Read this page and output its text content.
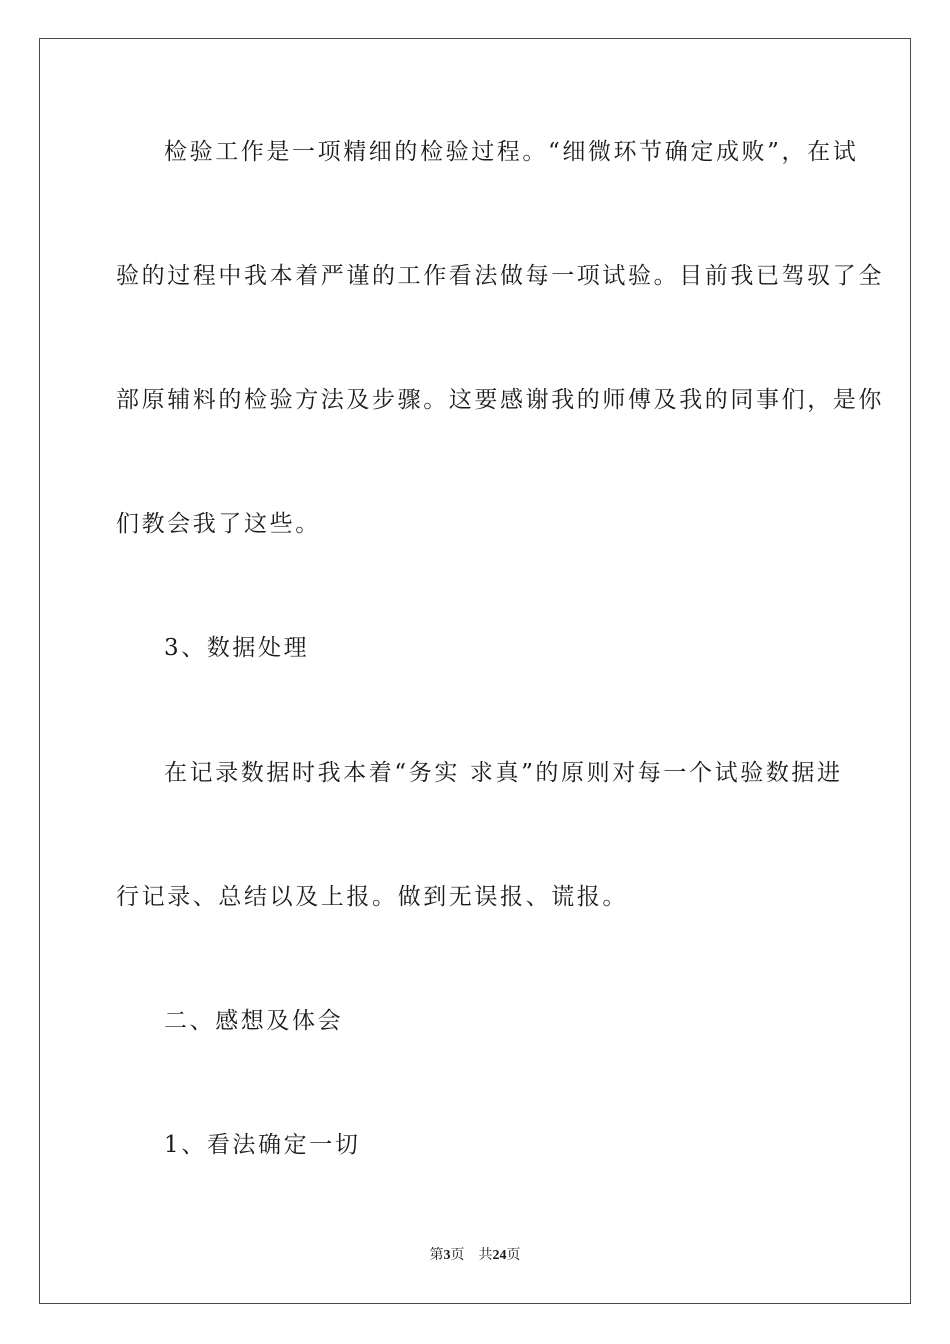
检验工作是一项精细的检验过程。“细微环节确定成败”，在试
验的过程中我本着严谨的工作看法做每一项试验。目前我已驾驭了全
部原辅料的检验方法及步骤。这要感谢我的师傅及我的同事们，是你
们教会我了这些。
3、数据处理
在记录数据时我本着“务实 求真”的原则对每一个试验数据进
行记录、总结以及上报。做到无误报、谎报。
二、感想及体会
1、看法确定一切
第3页 共24页
